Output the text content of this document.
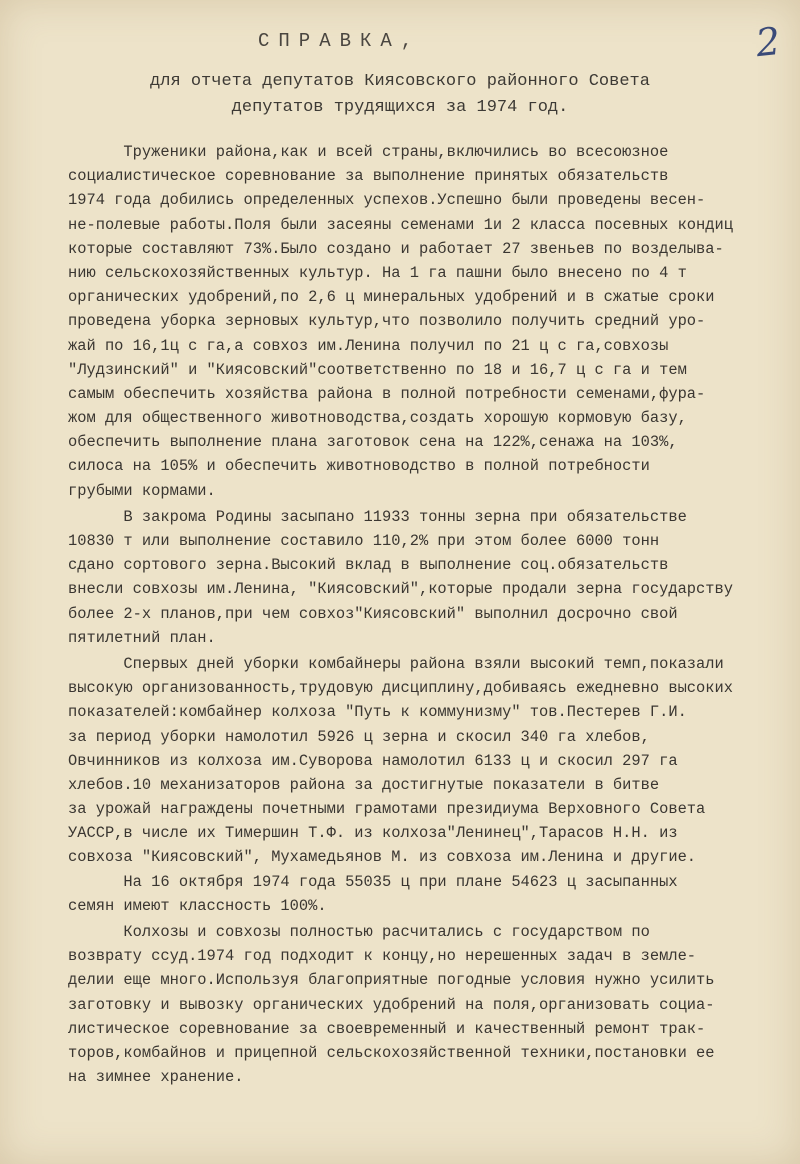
2
СПРАВКА,
для отчета депутатов Киясовского районного Совета
депутатов трудящихся за 1974 год.
Труженики района,как и всей страны,включились во всесоюзное
социалистическое соревнование за выполнение принятых обязательств
1974 года добились определенных успехов.Успешно были проведены весен-
не-полевые работы.Поля были засеяны семенами 1и 2 класса посевных кондиц
которые составляют 73%.Было создано и работает 27 звеньев по возделыва-
нию сельскохозяйственных культур. На 1 га пашни было внесено по 4 т
органических удобрений,по 2,6 ц минеральных удобрений и в сжатые сроки
проведена уборка зерновых культур,что позволило получить средний уро-
жай по 16,1ц с га,а совхоз им.Ленина получил по 21 ц с га,совхозы
"Лудзинский" и "Киясовский"соответственно по 18 и 16,7 ц с га и тем
самым обеспечить хозяйства района в полной потребности семенами,фура-
жом для общественного животноводства,создать хорошую кормовую базу,
обеспечить выполнение плана заготовок сена на 122%,сенажа на 103%,
силоса на 105% и обеспечить животноводство в полной потребности
грубыми кормами.
В закрома Родины засыпано 11933 тонны зерна при обязательстве
10830 т или выполнение составило 110,2% при этом более 6000 тонн
сдано сортового зерна.Высокий вклад в выполнение соц.обязательств
внесли совхозы им.Ленина, "Киясовский",которые продали зерна государству
более 2-х планов,при чем совхоз"Киясовский" выполнил досрочно свой
пятилетний план.
Спервых дней уборки комбайнеры района взяли высокий темп,показали
высокую организованность,трудовую дисциплину,добиваясь ежедневно высоких
показателей:комбайнер колхоза "Путь к коммунизму" тов.Пестерев Г.И.
за период уборки намолотил 5926 ц зерна и скосил 340 га хлебов,
Овчинников из колхоза им.Суворова намолотил 6133 ц и скосил 297 га
хлебов.10 механизаторов района за достигнутые показатели в битве
за урожай награждены почетными грамотами президиума Верховного Совета
УАССР,в числе их Тимершин Т.Ф. из колхоза"Ленинец",Тарасов Н.Н. из
совхоза "Киясовский", Мухамедьянов М. из совхоза им.Ленина и другие.
На 16 октября 1974 года 55035 ц при плане 54623 ц засыпанных
семян имеют классность 100%.
Колхозы и совхозы полностью расчитались с государством по
возврату ссуд.1974 год подходит к концу,но нерешенных задач в земле-
делии еще много.Используя благоприятные погодные условия нужно усилить
заготовку и вывозку органических удобрений на поля,организовать социа-
листическое соревнование за своевременный и качественный ремонт трак-
торов,комбайнов и прицепной сельскохозяйственной техники,постановки ее
на зимнее хранение.
